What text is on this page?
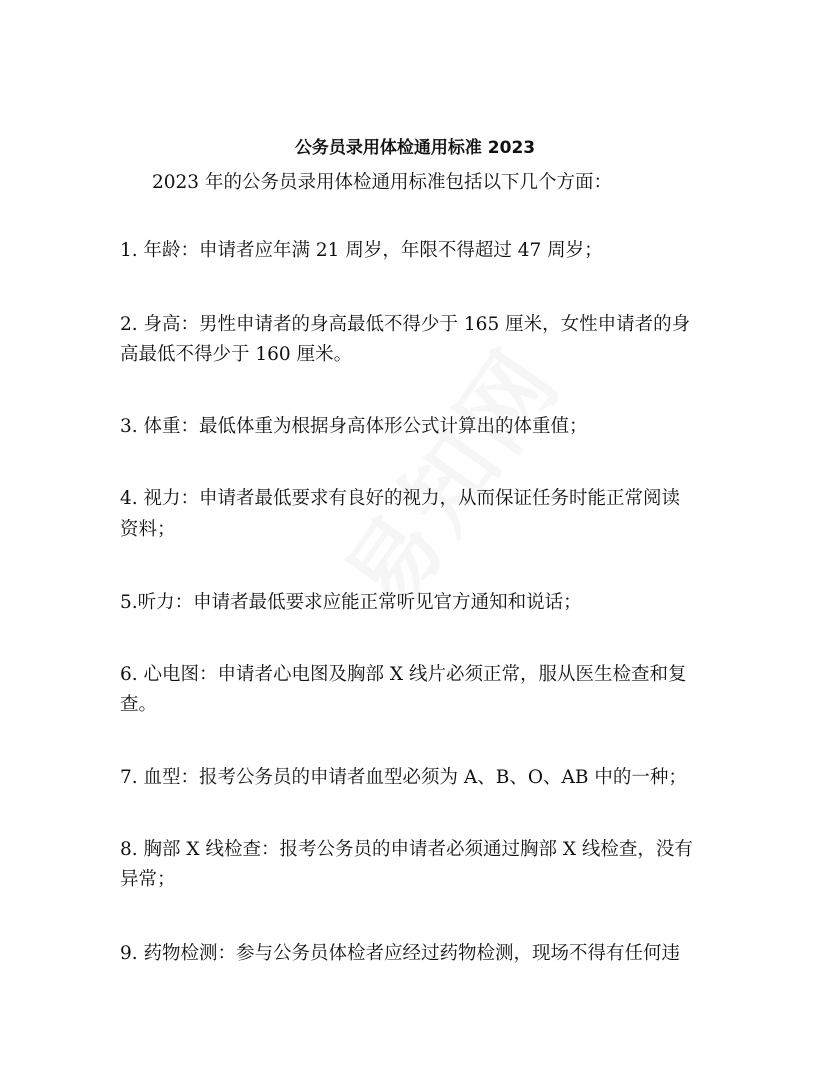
公务员录用体检通用标准 2023
2023 年的公务员录用体检通用标准包括以下几个方面：
1. 年龄：申请者应年满 21 周岁，年限不得超过 47 周岁；
2. 身高：男性申请者的身高最低不得少于 165 厘米，女性申请者的身
高最低不得少于 160 厘米。
3. 体重：最低体重为根据身高体形公式计算出的体重值；
4. 视力：申请者最低要求有良好的视力，从而保证任务时能正常阅读
资料；
5.听力：申请者最低要求应能正常听见官方通知和说话；
6. 心电图：申请者心电图及胸部 X 线片必须正常，服从医生检查和复
查。
7. 血型：报考公务员的申请者血型必须为 A、B、O、AB 中的一种；
8. 胸部 X 线检查：报考公务员的申请者必须通过胸部 X 线检查，没有
异常；
9. 药物检测：参与公务员体检者应经过药物检测，现场不得有任何违
